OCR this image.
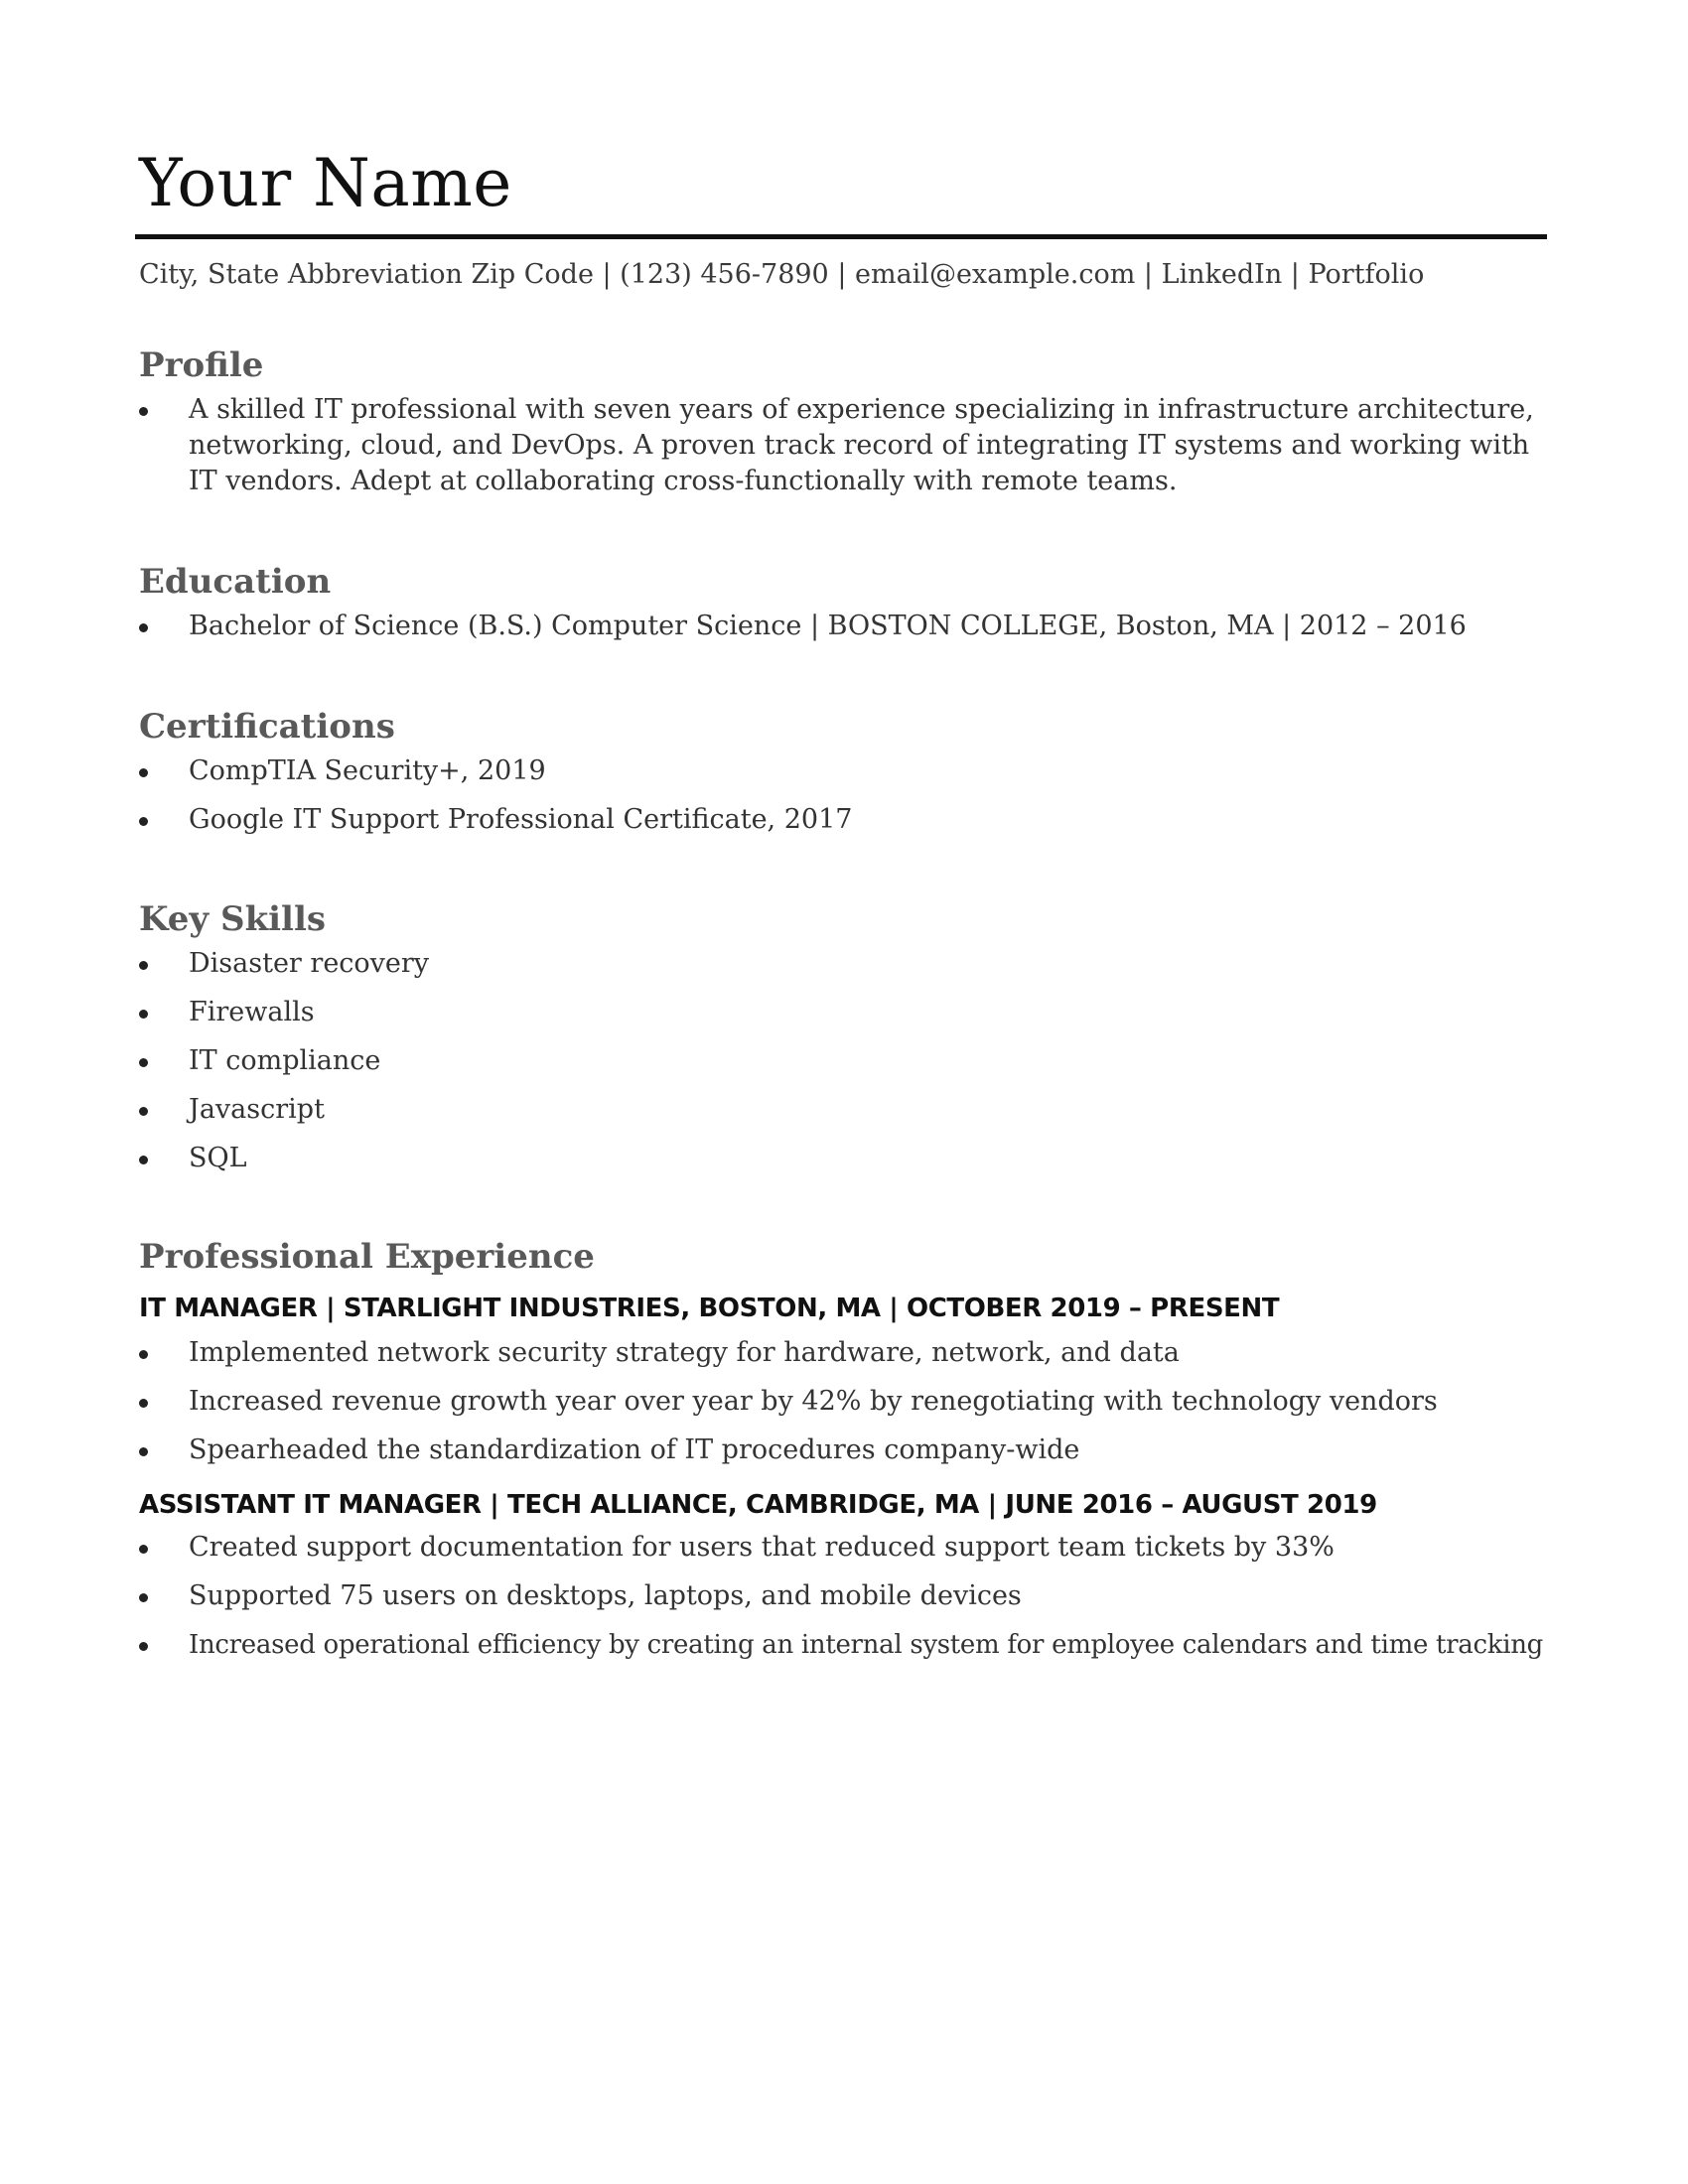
Your Name
City, State Abbreviation Zip Code | (123) 456-7890 | email@example.com | LinkedIn | Portfolio
Profile
A skilled IT professional with seven years of experience specializing in infrastructure architecture, networking, cloud, and DevOps. A proven track record of integrating IT systems and working with IT vendors. Adept at collaborating cross-functionally with remote teams.
Education
Bachelor of Science (B.S.) Computer Science | BOSTON COLLEGE, Boston, MA | 2012 – 2016
Certifications
CompTIA Security+, 2019
Google IT Support Professional Certificate, 2017
Key Skills
Disaster recovery
Firewalls
IT compliance
Javascript
SQL
Professional Experience
IT MANAGER | STARLIGHT INDUSTRIES, BOSTON, MA | OCTOBER 2019 – PRESENT
Implemented network security strategy for hardware, network, and data
Increased revenue growth year over year by 42% by renegotiating with technology vendors
Spearheaded the standardization of IT procedures company-wide
ASSISTANT IT MANAGER | TECH ALLIANCE, CAMBRIDGE, MA | JUNE 2016 – AUGUST 2019
Created support documentation for users that reduced support team tickets by 33%
Supported 75 users on desktops, laptops, and mobile devices
Increased operational efficiency by creating an internal system for employee calendars and time tracking
